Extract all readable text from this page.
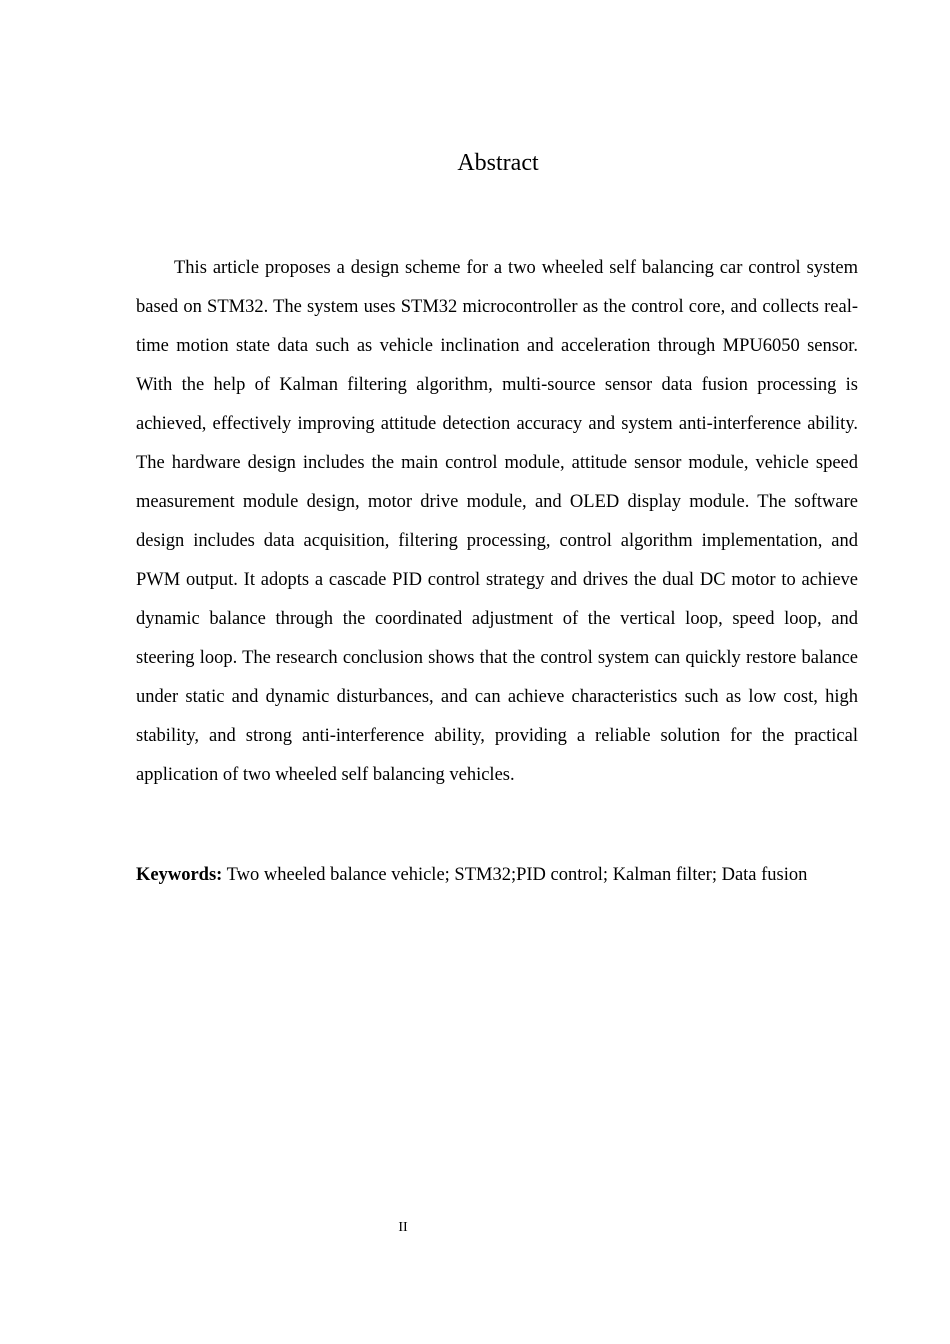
Abstract

This article proposes a design scheme for a two wheeled self balancing car control system based on STM32. The system uses STM32 microcontroller as the control core, and collects real-time motion state data such as vehicle inclination and acceleration through MPU6050 sensor. With the help of Kalman filtering algorithm, multi-source sensor data fusion processing is achieved, effectively improving attitude detection accuracy and system anti-interference ability. The hardware design includes the main control module, attitude sensor module, vehicle speed measurement module design, motor drive module, and OLED display module. The software design includes data acquisition, filtering processing, control algorithm implementation, and PWM output. It adopts a cascade PID control strategy and drives the dual DC motor to achieve dynamic balance through the coordinated adjustment of the vertical loop, speed loop, and steering loop. The research conclusion shows that the control system can quickly restore balance under static and dynamic disturbances, and can achieve characteristics such as low cost, high stability, and strong anti-interference ability, providing a reliable solution for the practical application of two wheeled self balancing vehicles.

Keywords: Two wheeled balance vehicle; STM32;PID control; Kalman filter; Data fusion

II
